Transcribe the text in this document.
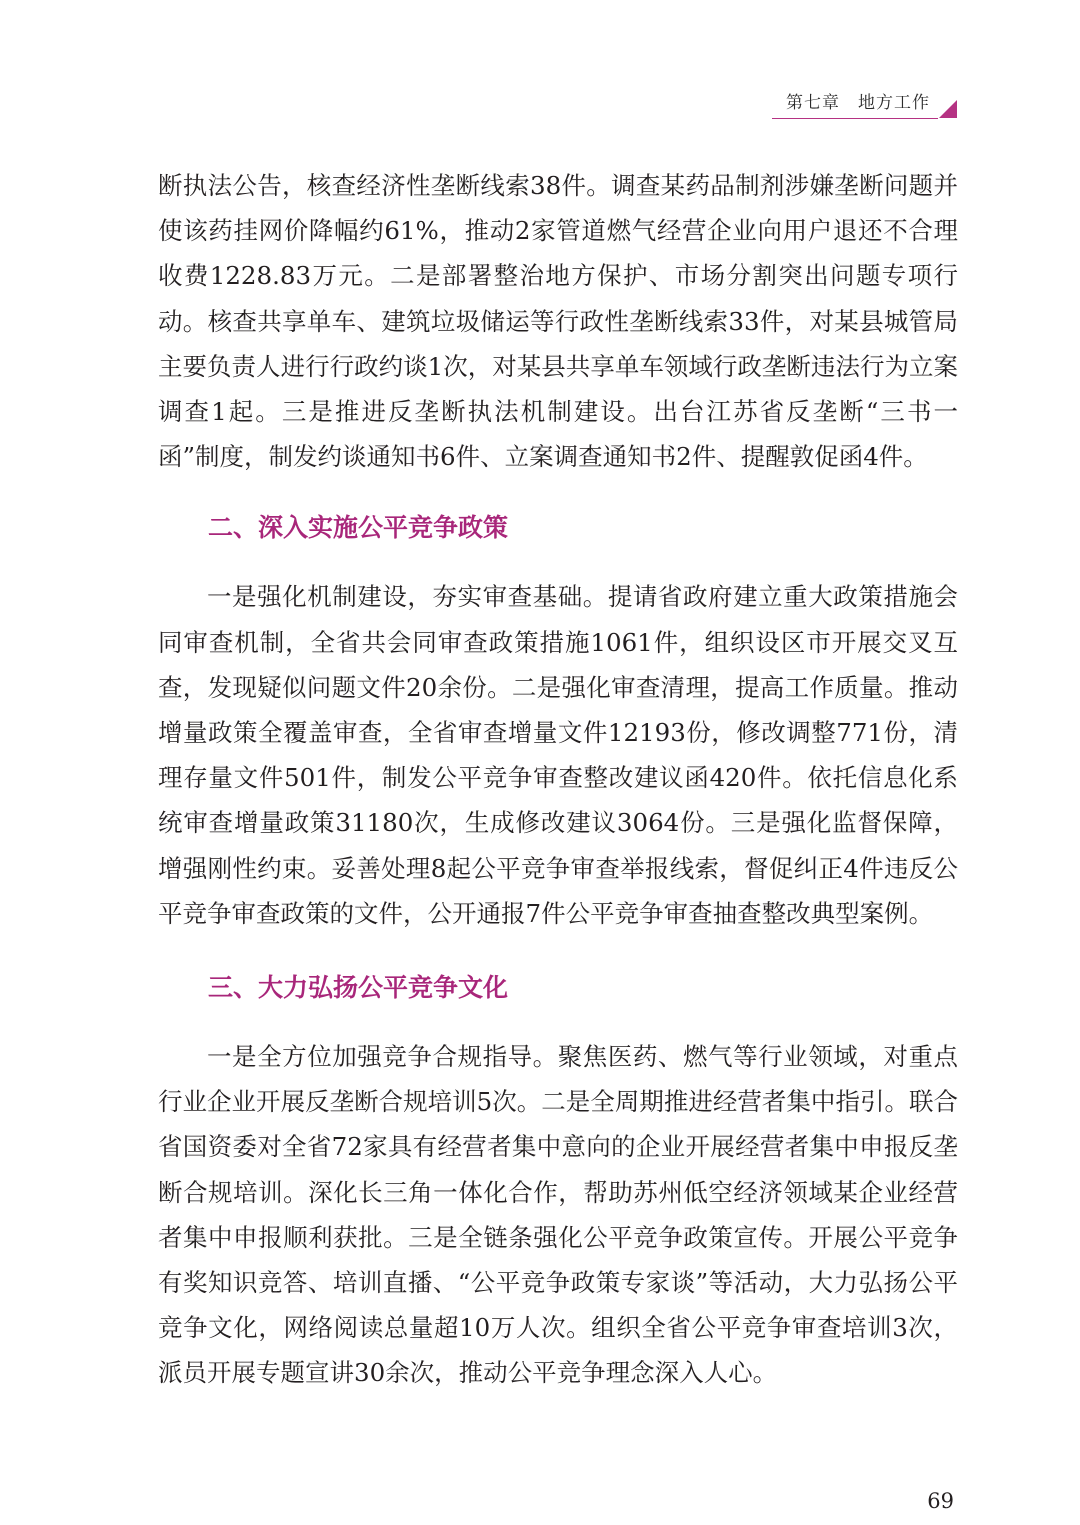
第七章 地方工作

断执法公告，核查经济性垄断线索38件。调查某药品制剂涉嫌垄断问题并使该药挂网价降幅约61%，推动2家管道燃气经营企业向用户退还不合理收费1228.83万元。二是部署整治地方保护、市场分割突出问题专项行动。核查共享单车、建筑垃圾储运等行政性垄断线索33件，对某县城管局主要负责人进行行政约谈1次，对某县共享单车领域行政垄断违法行为立案调查1起。三是推进反垄断执法机制建设。出台江苏省反垄断“三书一函”制度，制发约谈通知书6件、立案调查通知书2件、提醒敦促函4件。

二、深入实施公平竞争政策

一是强化机制建设，夯实审查基础。提请省政府建立重大政策措施会同审查机制，全省共会同审查政策措施1061件，组织设区市开展交叉互查，发现疑似问题文件20余份。二是强化审查清理，提高工作质量。推动增量政策全覆盖审查，全省审查增量文件12193份，修改调整771份，清理存量文件501件，制发公平竞争审查整改建议函420件。依托信息化系统审查增量政策31180次，生成修改建议3064份。三是强化监督保障，增强刚性约束。妥善处理8起公平竞争审查举报线索，督促纠正4件违反公平竞争审查政策的文件，公开通报7件公平竞争审查抽查整改典型案例。

三、大力弘扬公平竞争文化

一是全方位加强竞争合规指导。聚焦医药、燃气等行业领域，对重点行业企业开展反垄断合规培训5次。二是全周期推进经营者集中指引。联合省国资委对全省72家具有经营者集中意向的企业开展经营者集中申报反垄断合规培训。深化长三角一体化合作，帮助苏州低空经济领域某企业经营者集中申报顺利获批。三是全链条强化公平竞争政策宣传。开展公平竞争有奖知识竞答、培训直播、“公平竞争政策专家谈”等活动，大力弘扬公平竞争文化，网络阅读总量超10万人次。组织全省公平竞争审查培训3次，派员开展专题宣讲30余次，推动公平竞争理念深入人心。

69
